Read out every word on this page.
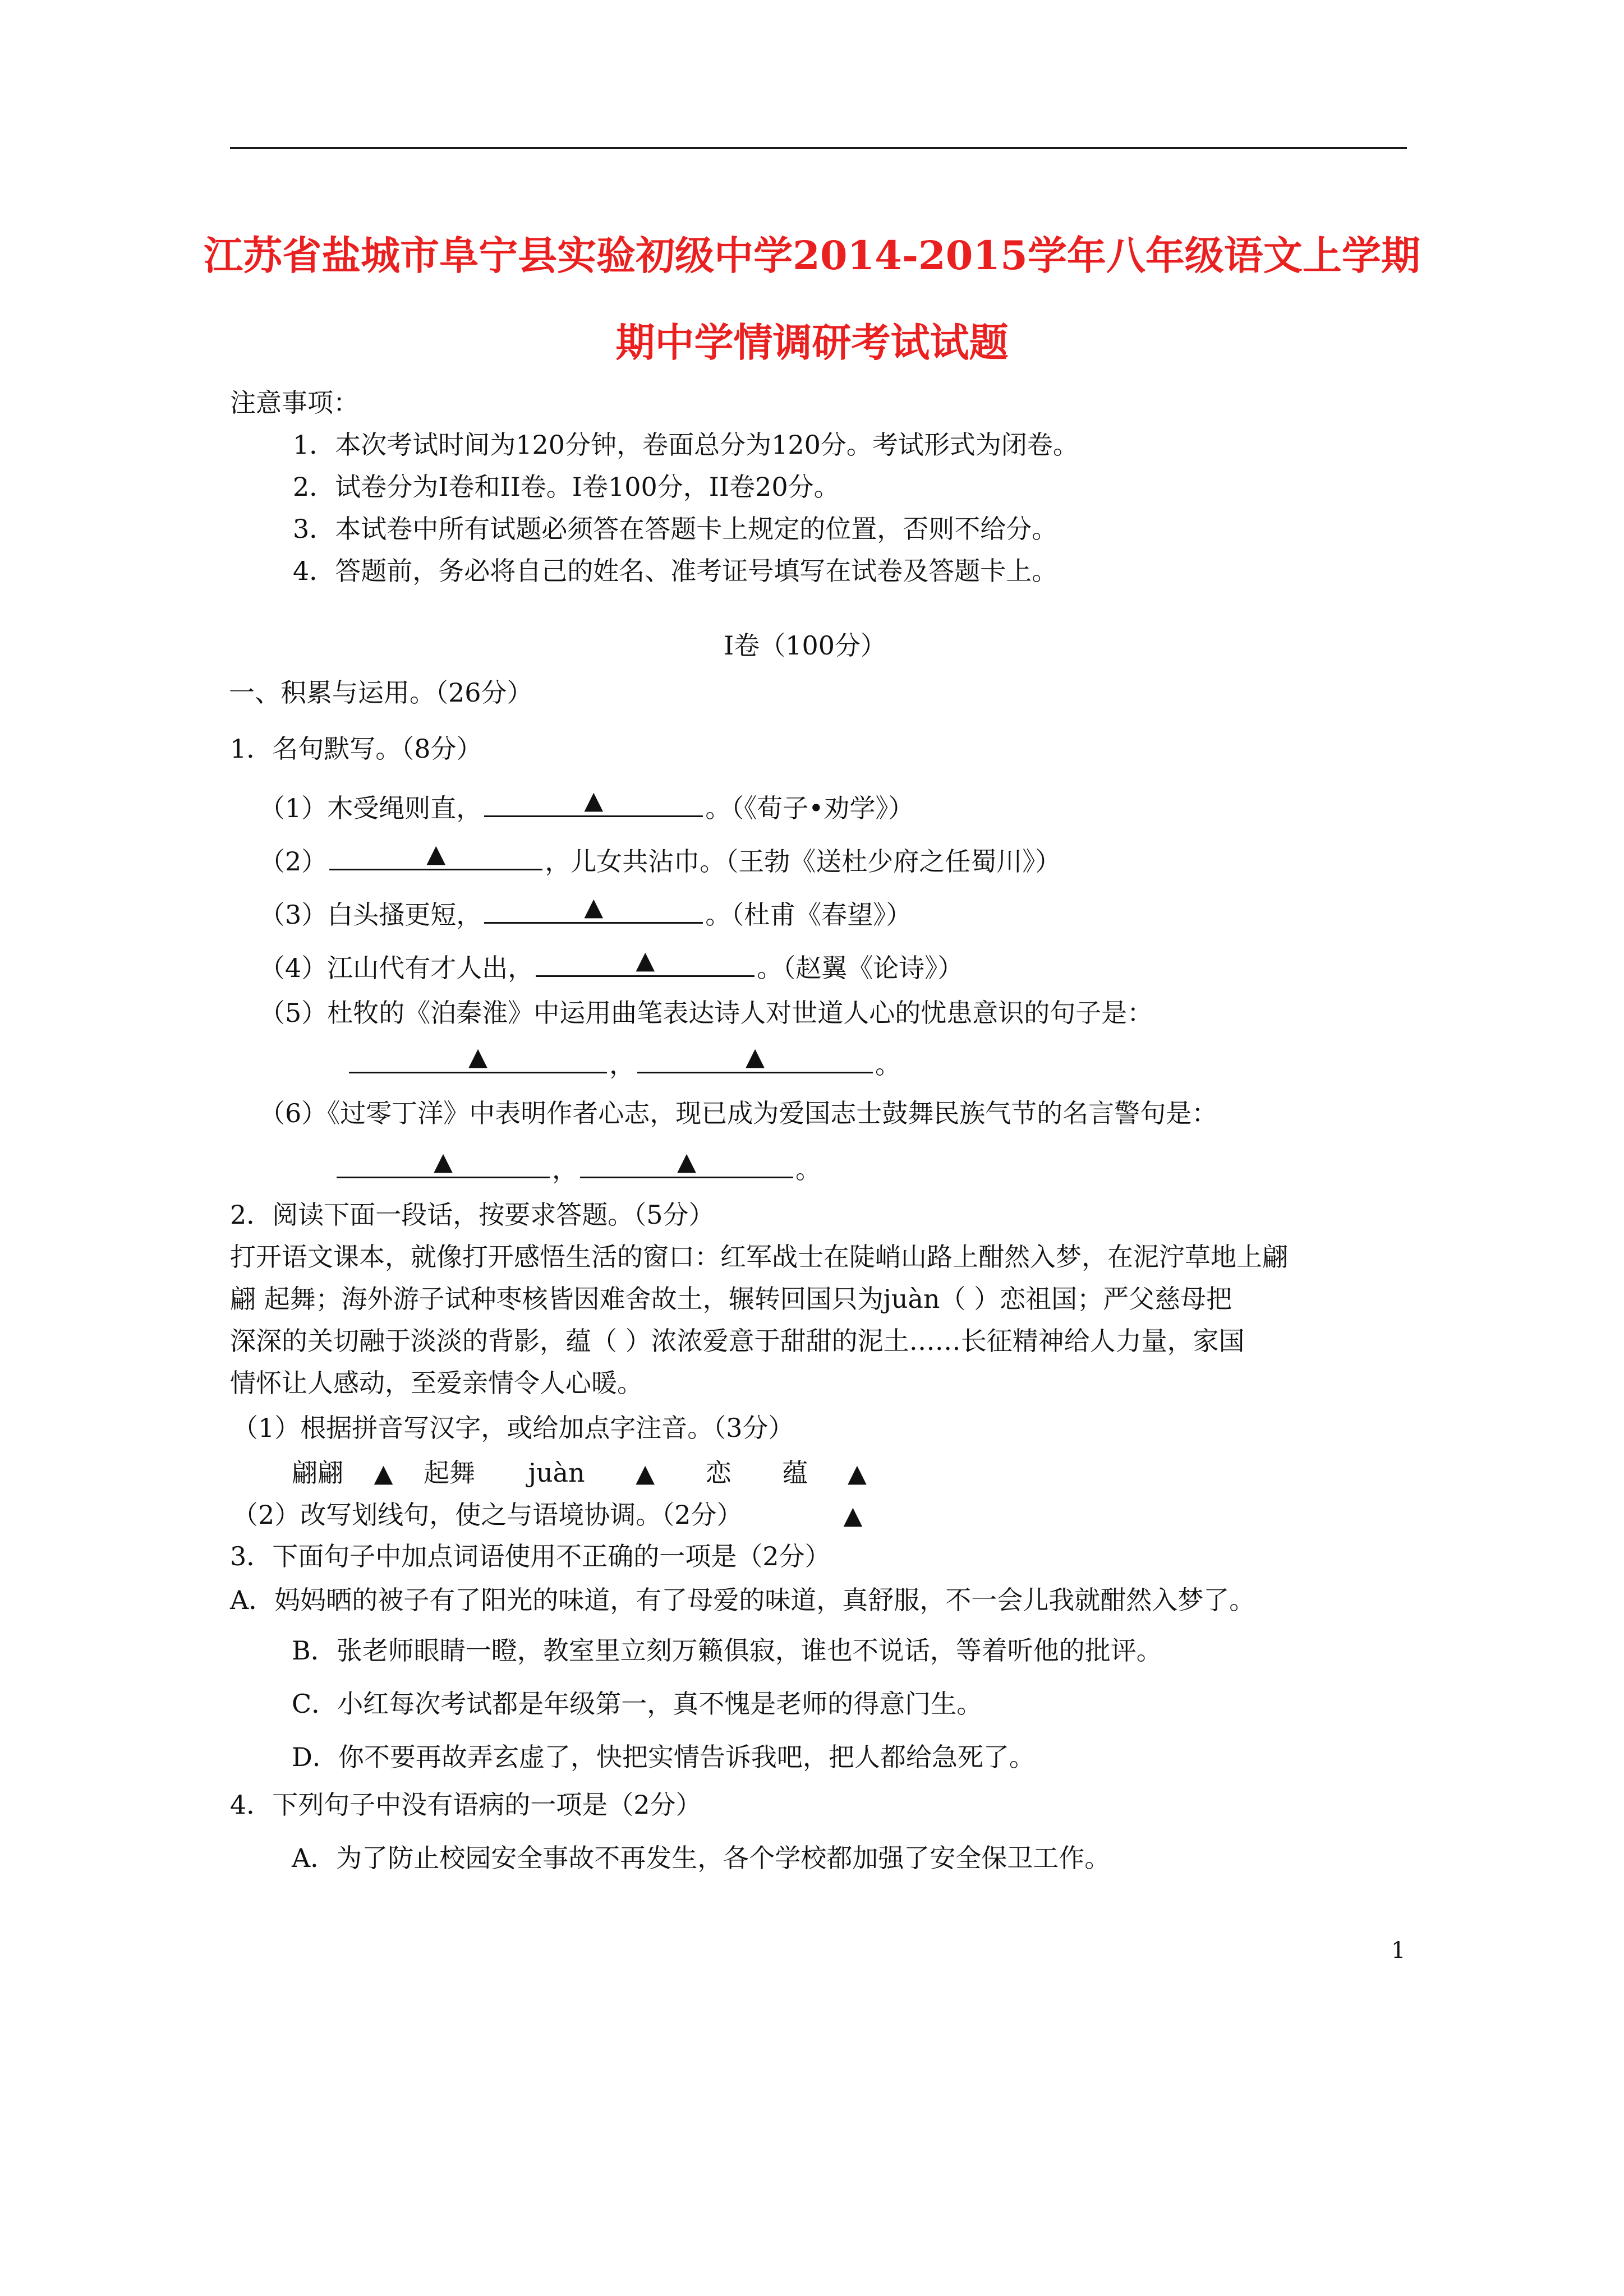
江苏省盐城市阜宁县实验初级中学2014-2015学年八年级语文上学期
期中学情调研考试试题
注意事项：
1．本次考试时间为120分钟，卷面总分为120分。考试形式为闭卷。
2．试卷分为I卷和II卷。I卷100分，II卷20分。
3．本试卷中所有试题必须答在答题卡上规定的位置，否则不给分。
4．答题前，务必将自己的姓名、准考证号填写在试卷及答题卡上。
I卷（100分）
一、积累与运用。（26分）
1．名句默写。（8分）
（1）木受绳则直，	▲	。（《荀子•劝学》）
（2）	▲	，儿女共沾巾。（王勃《送杜少府之任蜀川》）
（3）白头搔更短，	▲	。（杜甫《春望》）
（4）江山代有才人出，	▲	。（赵翼《论诗》）
（5）杜牧的《泊秦淮》中运用曲笔表达诗人对世道人心的忧患意识的句子是：
▲	，	▲	。
（6）《过零丁洋》中表明作者心志，现已成为爱国志士鼓舞民族气节的名言警句是：
▲	，	▲	。
2．阅读下面一段话，按要求答题。（5分）
打开语文课本，就像打开感悟生活的窗口：红军战士在陡峭山路上酣然入梦，在泥泞草地上翩
翩 起舞；海外游子试种枣核皆因难舍故土，辗转回国只为juàn（ ）恋祖国；严父慈母把
深深的关切融于淡淡的背影，蕴（ ）浓浓爱意于甜甜的泥土……长征精神给人力量，家国
情怀让人感动，至爱亲情令人心暖。
（1）根据拼音写汉字，或给加点字注音。（3分）
翩翩 ▲ 起舞 juàn ▲ 恋 蕴 ▲
（2）改写划线句，使之与语境协调。（2分）	▲
3．下面句子中加点词语使用不正确的一项是（2分）
A．妈妈晒的被子有了阳光的味道，有了母爱的味道，真舒服，不一会儿我就酣然入梦了。
B．张老师眼睛一瞪，教室里立刻万籁俱寂，谁也不说话，等着听他的批评。
C．小红每次考试都是年级第一，真不愧是老师的得意门生。
D．你不要再故弄玄虚了，快把实情告诉我吧，把人都给急死了。
4．下列句子中没有语病的一项是（2分）
A．为了防止校园安全事故不再发生，各个学校都加强了安全保卫工作。
1
